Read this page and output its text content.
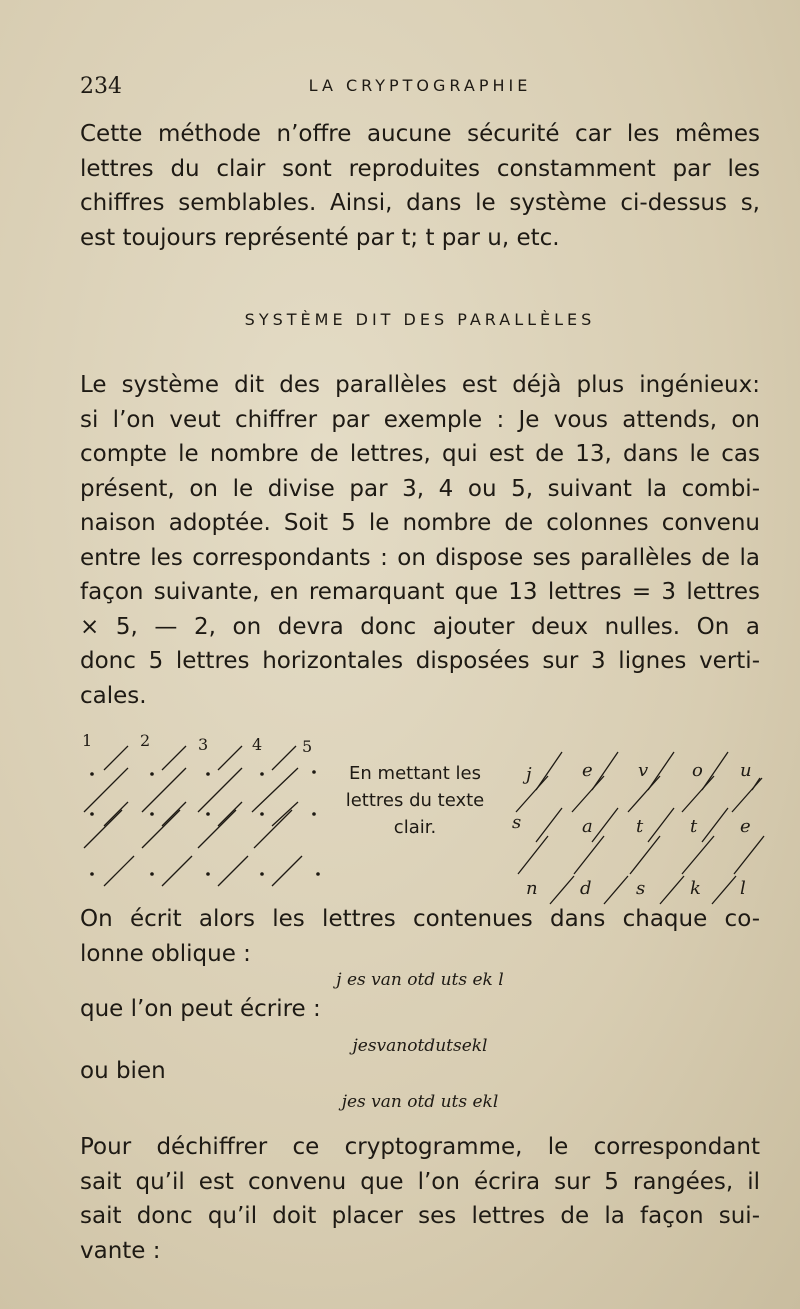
234	LA CRYPTOGRAPHIE
Cette méthode n’offre aucune sécurité car les mêmes
lettres du clair sont reproduites constamment par les
chiffres semblables. Ainsi, dans le système ci-dessus s,
est toujours représenté par t; t par u, etc.
SYSTÈME DIT DES PARALLÈLES
Le système dit des parallèles est déjà plus ingénieux:
si l’on veut chiffrer par exemple : Je vous attends, on
compte le nombre de lettres, qui est de 13, dans le cas
présent, on le divise par 3, 4 ou 5, suivant la combi-
naison adoptée. Soit 5 le nombre de colonnes convenu
entre les correspondants : on dispose ses parallèles de la
façon suivante, en remarquant que 13 lettres = 3 lettres
× 5, — 2, on devra donc ajouter deux nulles. On a
donc 5 lettres horizontales disposées sur 3 lignes verti-
cales.
1	2	3	4 5
j	e	v o u
s	a t	t e
n d s k l
En mettant les
lettres du texte
clair.
On écrit alors les lettres contenues dans chaque co-
lonne oblique :
j es van otd uts ek l
que l’on peut écrire :
jesvanotdutsekl
ou bien
jes van otd uts ekl
Pour déchiffrer ce cryptogramme, le correspondant
sait qu’il est convenu que l’on écrira sur 5 rangées, il
sait donc qu’il doit placer ses lettres de la façon sui-
vante :
